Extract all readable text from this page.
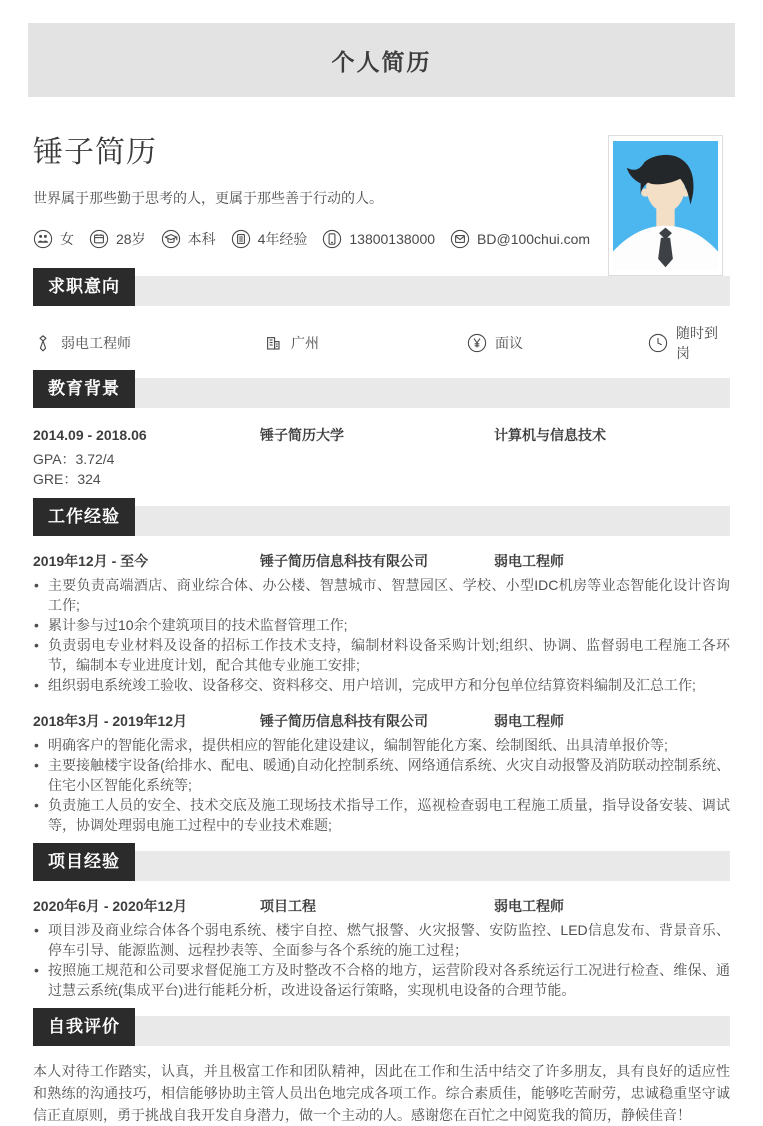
个人简历
锤子简历
世界属于那些勤于思考的人，更属于那些善于行动的人。
女	28岁	本科	4年经验	13800138000	BD@100chui.com
求职意向
弱电工程师	广州	面议
随时到岗
教育背景
2014.09 - 2018.06	锤子简历大学	计算机与信息技术
GPA：3.72/4
GRE：324
工作经验
2019年12月 - 至今	锤子简历信息科技有限公司	弱电工程师
• 主要负责高端酒店、商业综合体、办公楼、智慧城市、智慧园区、学校、小型IDC机房等业态智能化设计咨询工作;
• 累计参与过10余个建筑项目的技术监督管理工作;
• 负责弱电专业材料及设备的招标工作技术支持，编制材料设备采购计划;组织、协调、监督弱电工程施工各环节，编制本专业进度计划，配合其他专业施工安排;
• 组织弱电系统竣工验收、设备移交、资料移交、用户培训，完成甲方和分包单位结算资料编制及汇总工作;
2018年3月 - 2019年12月	锤子简历信息科技有限公司	弱电工程师
• 明确客户的智能化需求，提供相应的智能化建设建议，编制智能化方案、绘制图纸、出具清单报价等;
• 主要接触楼宇设备(给排水、配电、暖通)自动化控制系统、网络通信系统、火灾自动报警及消防联动控制系统、住宅小区智能化系统等;
• 负责施工人员的安全、技术交底及施工现场技术指导工作，巡视检查弱电工程施工质量，指导设备安装、调试等，协调处理弱电施工过程中的专业技术难题;
项目经验
2020年6月 - 2020年12月	项目工程	弱电工程师
• 项目涉及商业综合体各个弱电系统、楼宇自控、燃气报警、火灾报警、安防监控、LED信息发布、背景音乐、停车引导、能源监测、远程抄表等、全面参与各个系统的施工过程；
• 按照施工规范和公司要求督促施工方及时整改不合格的地方，运营阶段对各系统运行工况进行检查、维保、通过慧云系统(集成平台)进行能耗分析，改进设备运行策略，实现机电设备的合理节能。
自我评价

本人对待工作踏实，认真，并且极富工作和团队精神，因此在工作和生活中结交了许多朋友，具有良好的适应性和熟练的沟通技巧，相信能够协助主管人员出色地完成各项工作。综合素质佳，能够吃苦耐劳，忠诚稳重坚守诚信正直原则，勇于挑战自我开发自身潜力，做一个主动的人。感谢您在百忙之中阅览我的简历，静候佳音！
